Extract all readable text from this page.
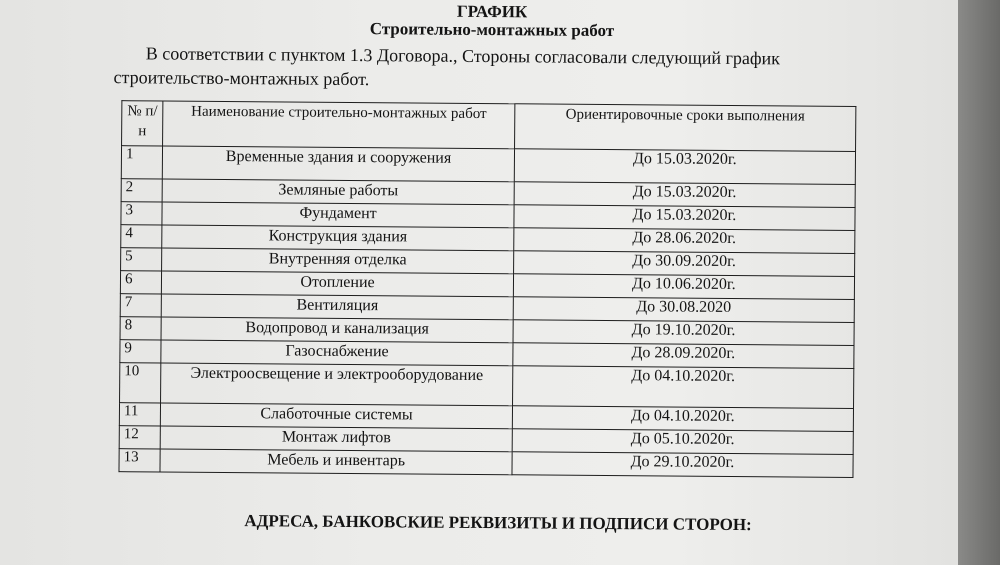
ГРАФИК
Строительно-монтажных работ
В соответствии с пунктом 1.3 Договора., Стороны согласовали следующий график строительство-монтажных работ.
№ п/н	Наименование строительно-монтажных работ	Ориентировочные сроки выполнения
1	Временные здания и сооружения	До 15.03.2020г.
2	Земляные работы	До 15.03.2020г.
3	Фундамент	До 15.03.2020г.
4	Конструкция здания	До 28.06.2020г.
5	Внутренняя отделка	До 30.09.2020г.
6	Отопление	До 10.06.2020г.
7	Вентиляция	До 30.08.2020
8	Водопровод и канализация	До 19.10.2020г.
9	Газоснабжение	До 28.09.2020г.
10	Электроосвещение и электрооборудование	До 04.10.2020г.
11	Слаботочные системы	До 04.10.2020г.
12	Монтаж лифтов	До 05.10.2020г.
13	Мебель и инвентарь	До 29.10.2020г.
АДРЕСА, БАНКОВСКИЕ РЕКВИЗИТЫ И ПОДПИСИ СТОРОН:
